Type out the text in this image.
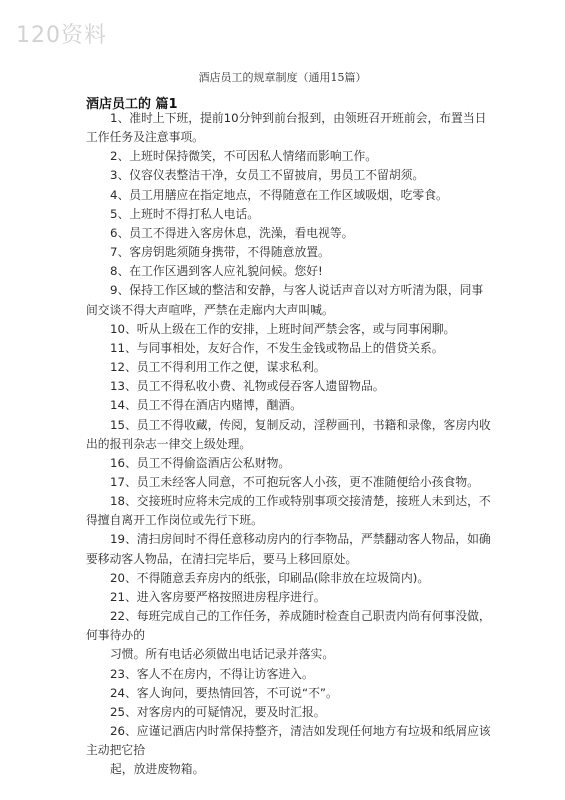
120资料
酒店员工的规章制度（通用15篇）
酒店员工的 篇1
1、准时上下班，提前10分钟到前台报到，由领班召开班前会，布置当日工作任务及注意事项。
2、上班时保持微笑，不可因私人情绪而影响工作。
3、仪容仪表整洁干净，女员工不留披肩，男员工不留胡须。
4、员工用膳应在指定地点，不得随意在工作区域吸烟，吃零食。
5、上班时不得打私人电话。
6、员工不得进入客房休息，洗澡，看电视等。
7、客房钥匙须随身携带，不得随意放置。
8、在工作区遇到客人应礼貌问候。您好!
9、保持工作区域的整洁和安静，与客人说话声音以对方听清为限，同事间交谈不得大声喧哗，严禁在走廊内大声叫喊。
10、听从上级在工作的安排，上班时间严禁会客，或与同事闲聊。
11、与同事相处，友好合作，不发生金钱或物品上的借贷关系。
12、员工不得利用工作之便，谋求私利。
13、员工不得私收小费、礼物或侵吞客人遗留物品。
14、员工不得在酒店内赌博，酗酒。
15、员工不得收藏，传阅，复制反动，淫秽画刊，书籍和录像，客房内收出的报刊杂志一律交上级处理。
16、员工不得偷盗酒店公私财物。
17、员工未经客人同意，不可抱玩客人小孩，更不准随便给小孩食物。
18、交接班时应将未完成的工作或特别事项交接清楚，接班人未到达，不得擅自离开工作岗位或先行下班。
19、清扫房间时不得任意移动房内的行李物品，严禁翻动客人物品，如确要移动客人物品，在清扫完毕后，要马上移回原处。
20、不得随意丢弃房内的纸张，印刷品(除非放在垃圾筒内)。
21、进入客房要严格按照进房程序进行。
22、每班完成自己的工作任务，养成随时检查自己职责内尚有何事没做，何事待办的
习惯。所有电话必须做出电话记录并落实。
23、客人不在房内，不得让访客进入。
24、客人询问，要热情回答，不可说“不”。
25、对客房内的可疑情况，要及时汇报。
26、应谨记酒店内时常保持整齐，清洁如发现任何地方有垃圾和纸屑应该主动把它拾
起，放进废物箱。
